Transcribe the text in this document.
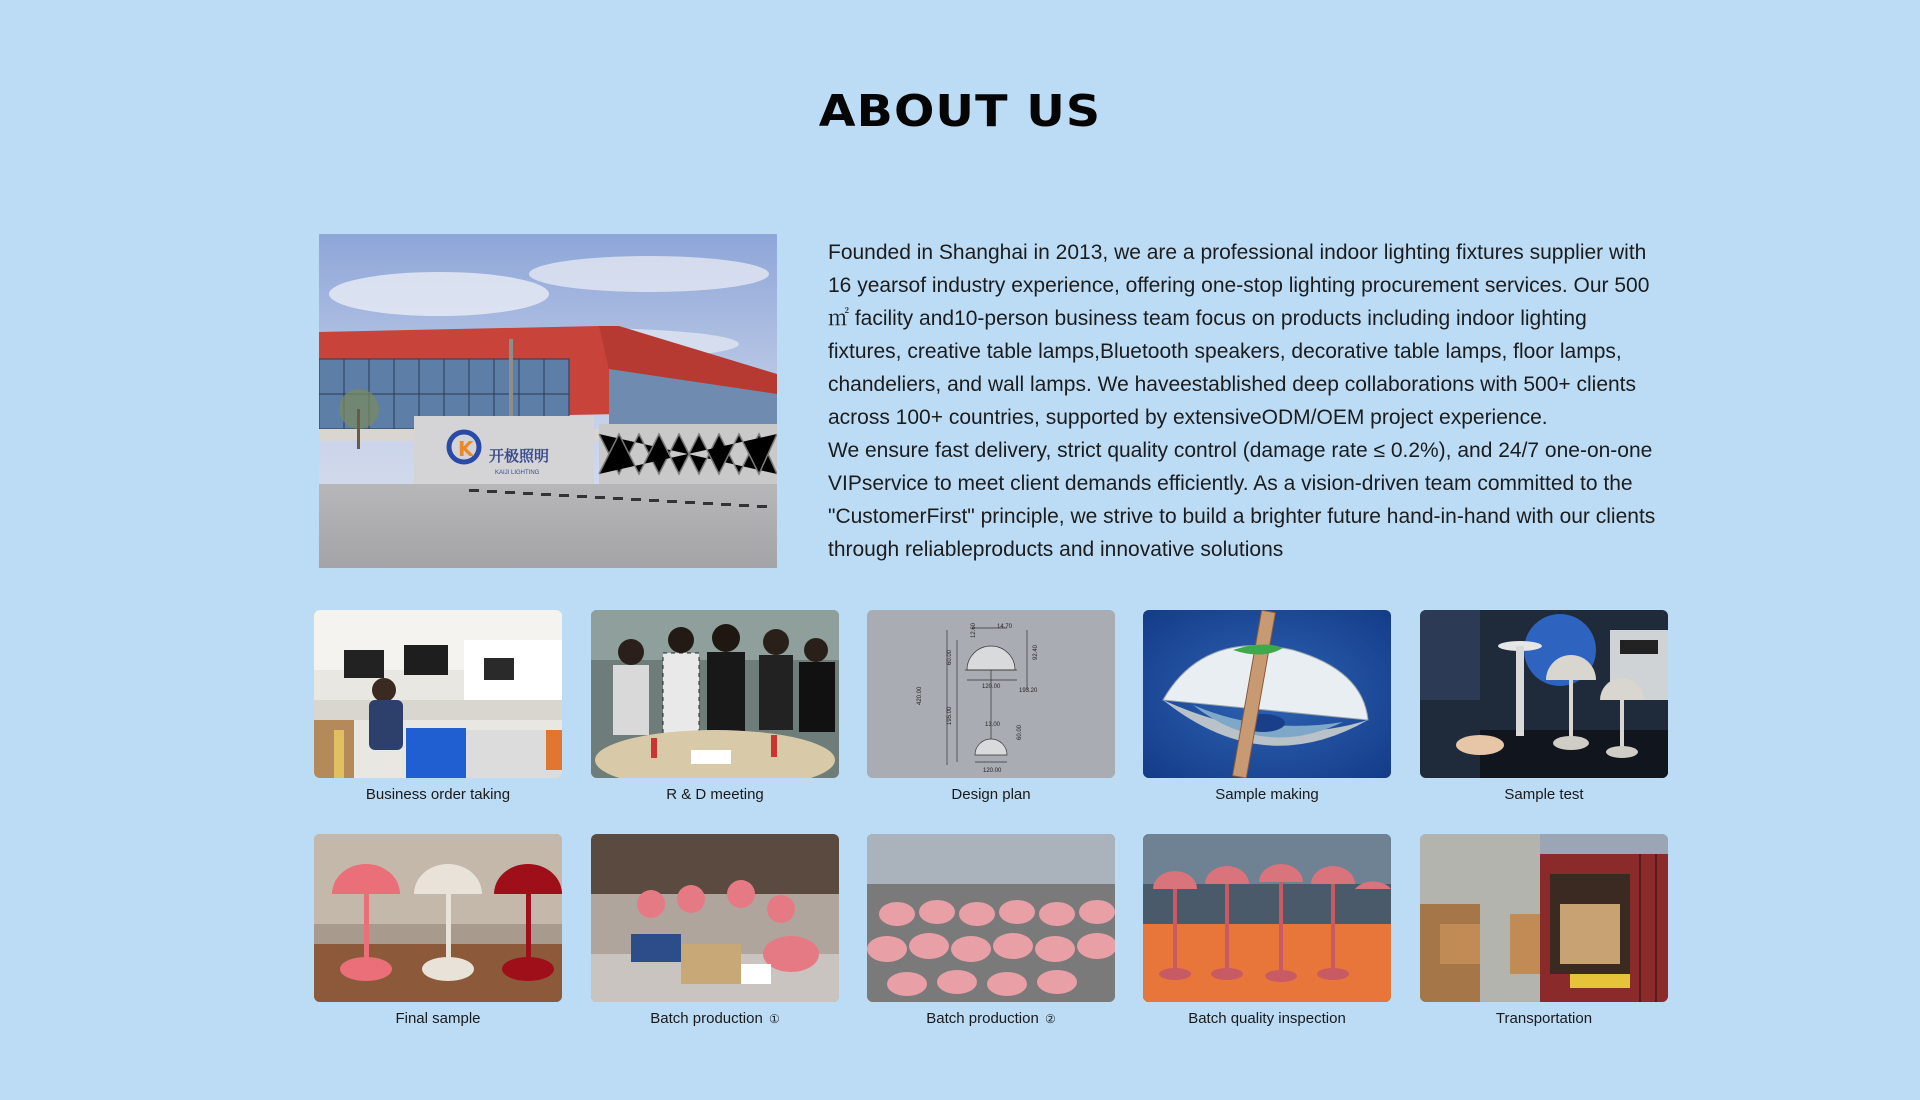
ABOUT US
开极照明
KAIJI LIGHTING
K

Founded in Shanghai in 2013, we are a professional indoor lighting fixtures supplier with 16 yearsof industry experience, offering one-stop lighting procurement services. Our 500 ㎡ facility and10-person business team focus on products including indoor lighting fixtures, creative table lamps,Bluetooth speakers, decorative table lamps, floor lamps, chandeliers, and wall lamps. We haveestablished deep collaborations with 500+ clients across 100+ countries, supported by extensiveODM/OEM project experience.

We ensure fast delivery, strict quality control (damage rate ≤ 0.2%), and 24/7 one-on-one VIPservice to meet client demands efficiently. As a vision-driven team committed to the "CustomerFirst" principle, we strive to build a brighter future hand-in-hand with our clients through reliableproducts and innovative solutions

Business order taking	R & D meeting
14.70
12.60
60.00	92.40
193.20
120.00
420.00
195.00	13.00	60.00
120.00
Design plan	Sample making	Sample test
Final sample	Batch production ①	Batch production ②	Batch quality inspection	Transportation
